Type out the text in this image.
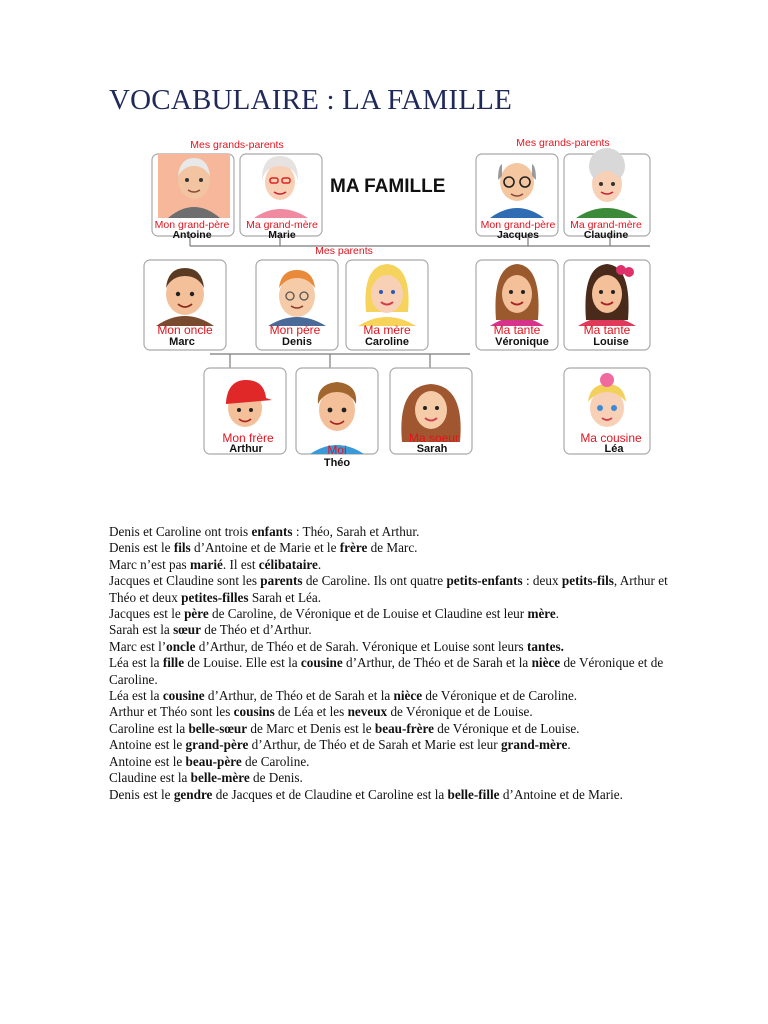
VOCABULAIRE : LA FAMILLE
MA FAMILLE
Mes grands-parents	Mes grands-parents
Mes parents
Mon grand-père
Antoine
Ma grand-mère
Marie
Mon grand-père
Jacques
Ma grand-mère
Claudine
Mon oncle
Marc
Mon père
Denis
Ma mère
Caroline
Ma tante
Véronique
Ma tante
Louise
Mon frère
Arthur	Moi
Théo
Ma soeur
Sarah
Ma cousine
Léa

Denis et Caroline ont trois enfants : Théo, Sarah et Arthur.

Denis est le fils d’Antoine et de Marie et le frère de Marc.

Marc n’est pas marié. Il est célibataire.

Jacques et Claudine sont les parents de Caroline. Ils ont quatre petits-enfants : deux petits-fils, Arthur et Théo et deux petites-filles Sarah et Léa.

Jacques est le père de Caroline, de Véronique et de Louise et Claudine est leur mère.

Sarah est la sœur de Théo et d’Arthur.

Marc est l’oncle d’Arthur, de Théo et de Sarah. Véronique et Louise sont leurs tantes.

Léa est la fille de Louise. Elle est la cousine d’Arthur, de Théo et de Sarah et la nièce de Véronique et de Caroline.

Léa est la cousine d’Arthur, de Théo et de Sarah et la nièce de Véronique et de Caroline.

Arthur et Théo sont les cousins de Léa et les neveux de Véronique et de Louise.

Caroline est la belle-sœur de Marc et Denis est le beau-frère de Véronique et de Louise.

Antoine est le grand-père d’Arthur, de Théo et de Sarah et Marie est leur grand-mère.

Antoine est le beau-père de Caroline.

Claudine est la belle-mère de Denis.

Denis est le gendre de Jacques et de Claudine et Caroline est la belle-fille d’Antoine et de Marie.
